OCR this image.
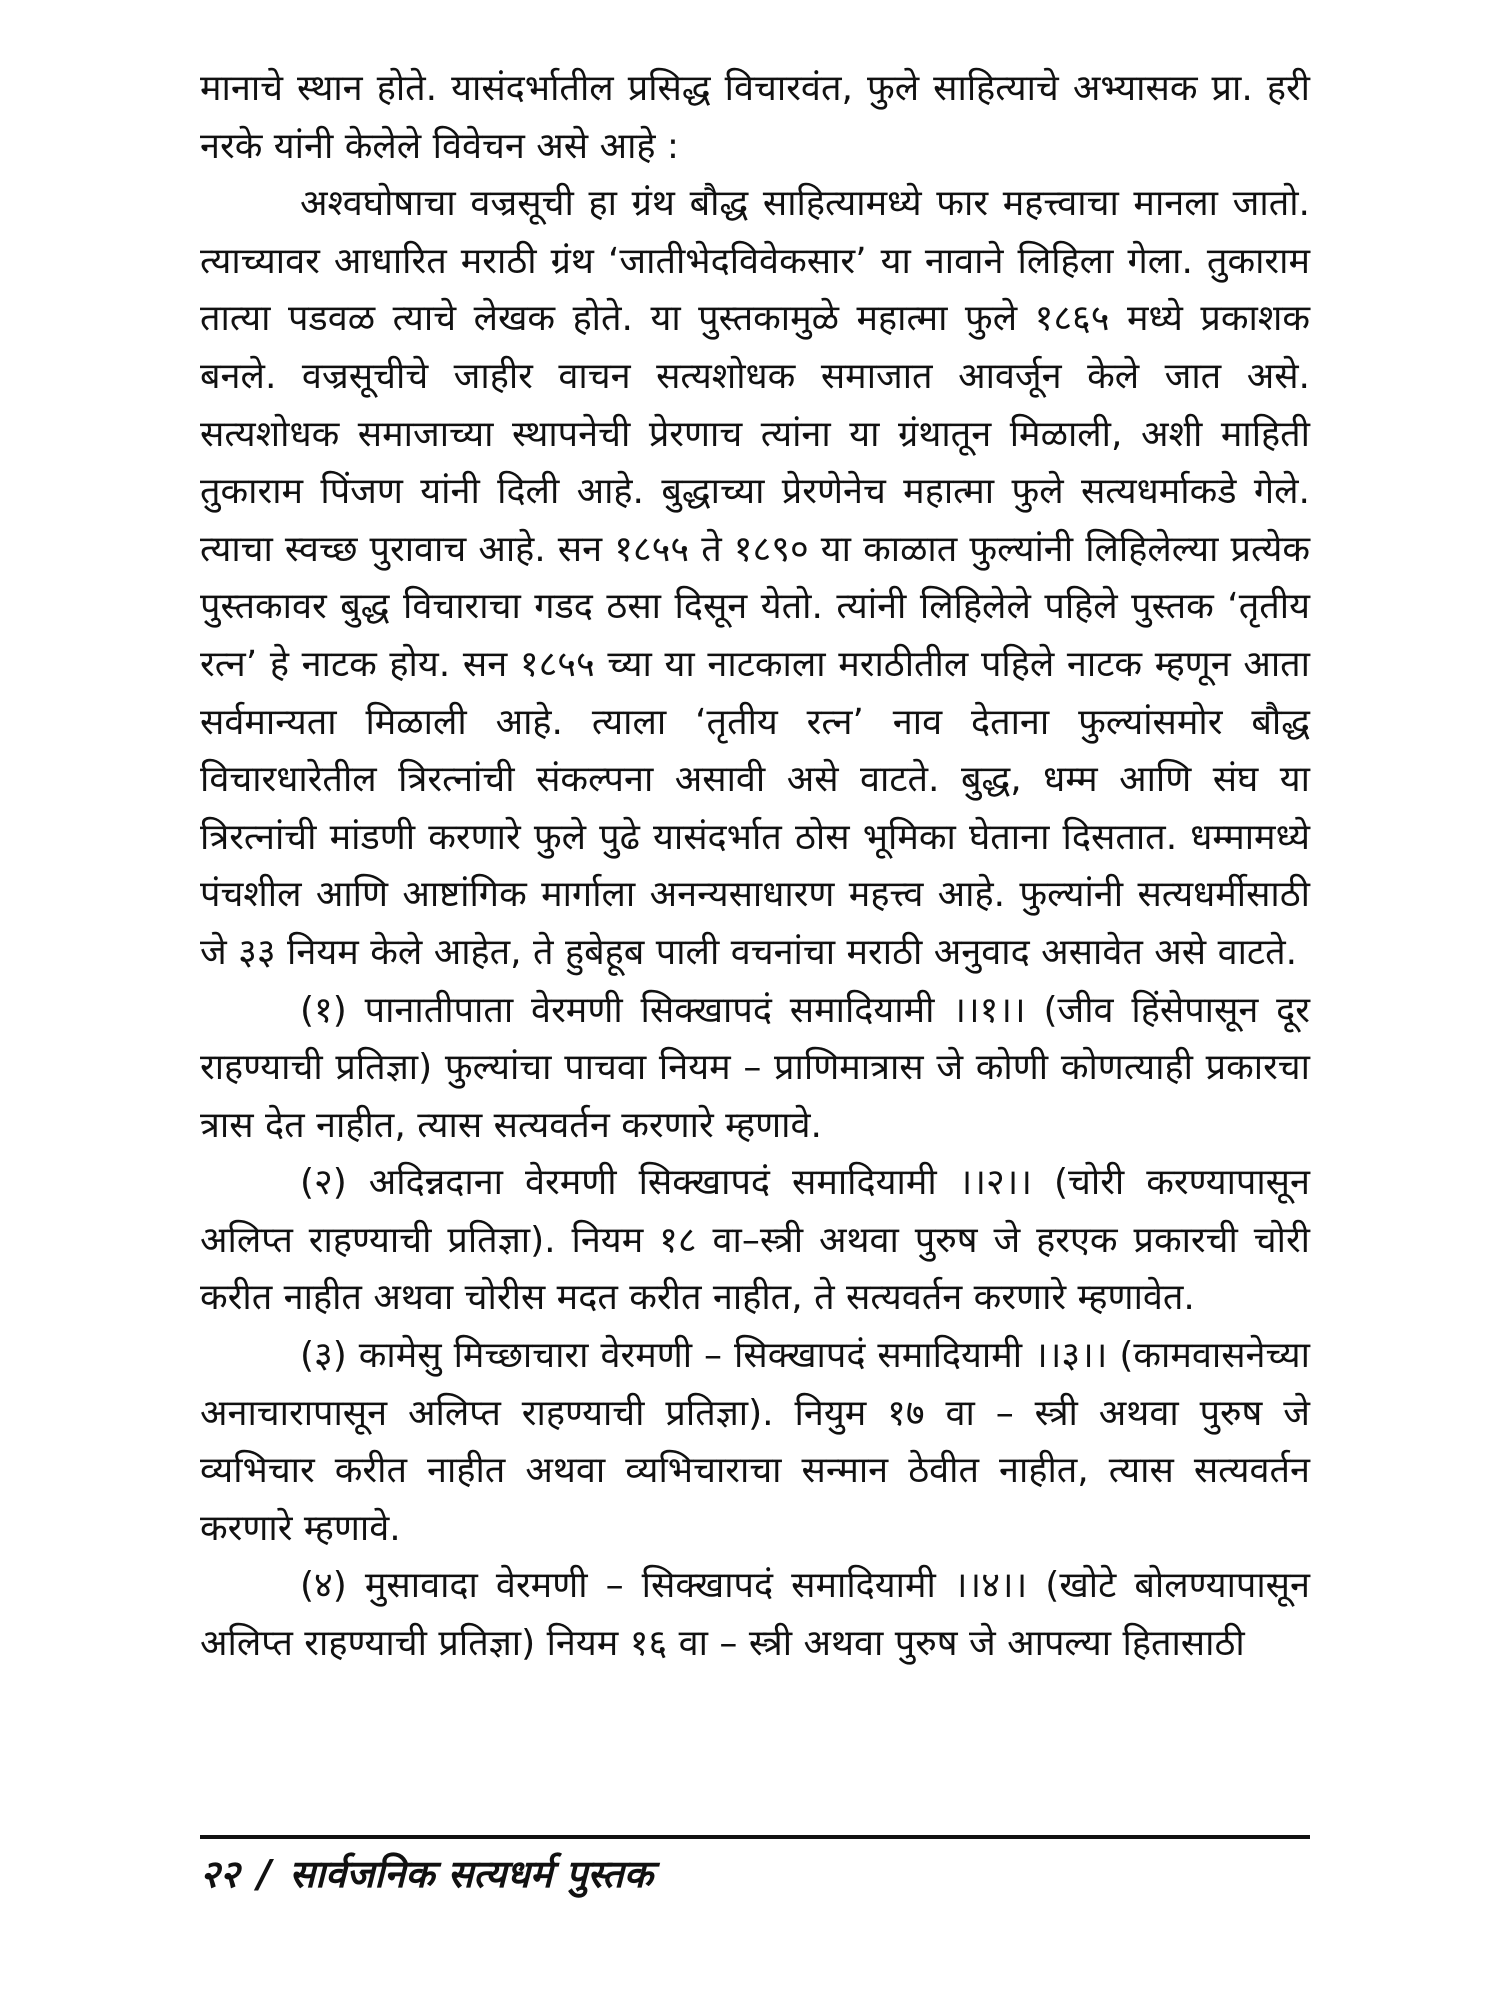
मानाचे स्थान होते. यासंदर्भातील प्रसिद्ध विचारवंत, फुले साहित्याचे अभ्यासक प्रा. हरी नरके यांनी केलेले विवेचन असे आहे :

अश्वघोषाचा वज्रसूची हा ग्रंथ बौद्ध साहित्यामध्ये फार महत्त्वाचा मानला जातो. त्याच्यावर आधारित मराठी ग्रंथ ‘जातीभेदविवेकसार’ या नावाने लिहिला गेला. तुकाराम तात्या पडवळ त्याचे लेखक होते. या पुस्तकामुळे महात्मा फुले १८६५ मध्ये प्रकाशक बनले. वज्रसूचीचे जाहीर वाचन सत्यशोधक समाजात आवर्जून केले जात असे. सत्यशोधक समाजाच्या स्थापनेची प्रेरणाच त्यांना या ग्रंथातून मिळाली, अशी माहिती तुकाराम पिंजण यांनी दिली आहे. बुद्धाच्या प्रेरणेनेच महात्मा फुले सत्यधर्माकडे गेले. त्याचा स्वच्छ पुरावाच आहे. सन १८५५ ते १८९० या काळात फुल्यांनी लिहिलेल्या प्रत्येक पुस्तकावर बुद्ध विचाराचा गडद ठसा दिसून येतो. त्यांनी लिहिलेले पहिले पुस्तक ‘तृतीय रत्न’ हे नाटक होय. सन १८५५ च्या या नाटकाला मराठीतील पहिले नाटक म्हणून आता सर्वमान्यता मिळाली आहे. त्याला ‘तृतीय रत्न’ नाव देताना फुल्यांसमोर बौद्ध विचारधारेतील त्रिरत्नांची संकल्पना असावी असे वाटते. बुद्ध, धम्म आणि संघ या त्रिरत्नांची मांडणी करणारे फुले पुढे यासंदर्भात ठोस भूमिका घेताना दिसतात. धम्मामध्ये पंचशील आणि आष्टांगिक मार्गाला अनन्यसाधारण महत्त्व आहे. फुल्यांनी सत्यधर्मीसाठी जे ३३ नियम केले आहेत, ते हुबेहूब पाली वचनांचा मराठी अनुवाद असावेत असे वाटते.

(१) पानातीपाता वेरमणी सिक्खापदं समादियामी ।।१।। (जीव हिंसेपासून दूर राहण्याची प्रतिज्ञा) फुल्यांचा पाचवा नियम – प्राणिमात्रास जे कोणी कोणत्याही प्रकारचा त्रास देत नाहीत, त्यास सत्यवर्तन करणारे म्हणावे.

(२) अदिन्नदाना वेरमणी सिक्खापदं समादियामी ।।२।। (चोरी करण्यापासून अलिप्त राहण्याची प्रतिज्ञा). नियम १८ वा–स्त्री अथवा पुरुष जे हरएक प्रकारची चोरी करीत नाहीत अथवा चोरीस मदत करीत नाहीत, ते सत्यवर्तन करणारे म्हणावेत.

(३) कामेसु मिच्छाचारा वेरमणी – सिक्खापदं समादियामी ।।३।। (कामवासनेच्या अनाचारापासून अलिप्त राहण्याची प्रतिज्ञा). नियुम १७ वा – स्त्री अथवा पुरुष जे व्यभिचार करीत नाहीत अथवा व्यभिचाराचा सन्मान ठेवीत नाहीत, त्यास सत्यवर्तन करणारे म्हणावे.

(४) मुसावादा वेरमणी – सिक्खापदं समादियामी ।।४।। (खोटे बोलण्यापासून अलिप्त राहण्याची प्रतिज्ञा) नियम १६ वा – स्त्री अथवा पुरुष जे आपल्या हितासाठी

२२ / सार्वजनिक सत्यधर्म पुस्तक
